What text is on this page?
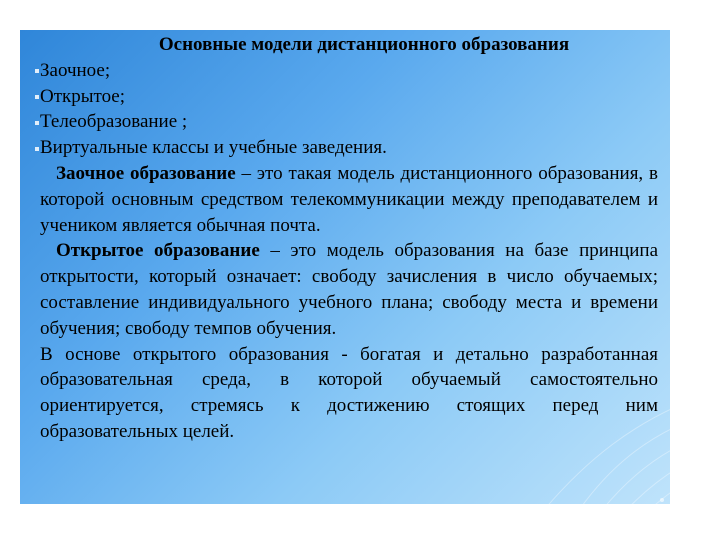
Основные модели дистанционного образования

Заочное;
Открытое;
Телеобразование ;
Виртуальные классы и учебные заведения.

Заочное образование – это такая модель дистанционного образования, в которой основным средством телекоммуникации между преподавателем и учеником является обычная почта.

Открытое образование – это модель образования на базе принципа открытости, который означает: свободу зачисления в число обучаемых; составление индивидуального учебного плана; свободу места и времени обучения; свободу темпов обучения.

В основе открытого образования - богатая и детально разработанная образовательная среда, в которой обучаемый самостоятельно ориентируется, стремясь к достижению стоящих перед ним образовательных целей.
